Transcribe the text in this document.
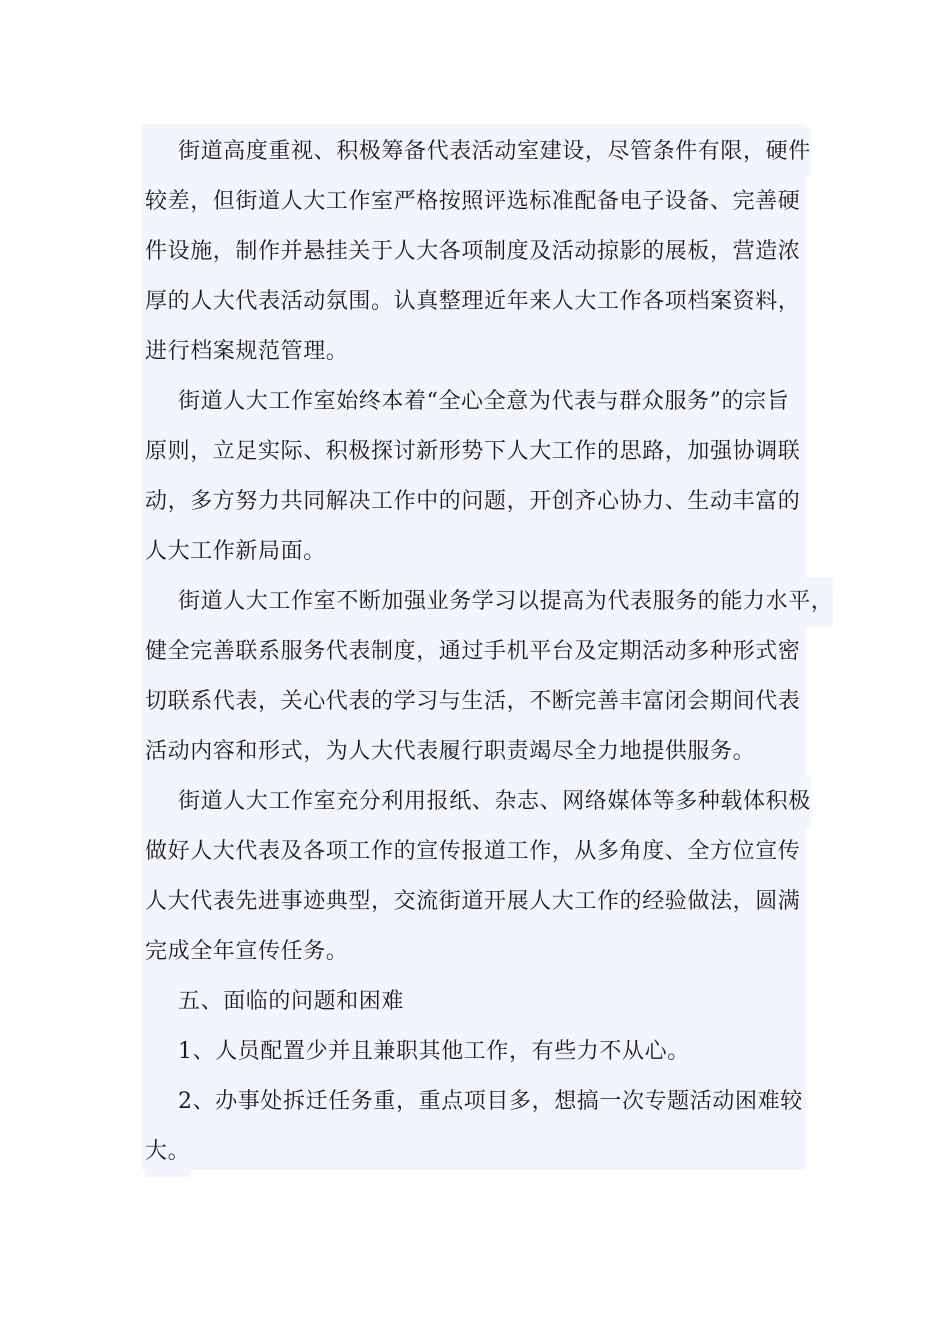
街道高度重视、积极筹备代表活动室建设，尽管条件有限，硬件
较差，但街道人大工作室严格按照评选标准配备电子设备、完善硬
件设施，制作并悬挂关于人大各项制度及活动掠影的展板，营造浓
厚的人大代表活动氛围。认真整理近年来人大工作各项档案资料，
进行档案规范管理。
街道人大工作室始终本着“全心全意为代表与群众服务”的宗旨
原则，立足实际、积极探讨新形势下人大工作的思路，加强协调联
动，多方努力共同解决工作中的问题，开创齐心协力、生动丰富的
人大工作新局面。
街道人大工作室不断加强业务学习以提高为代表服务的能力水平，
健全完善联系服务代表制度，通过手机平台及定期活动多种形式密
切联系代表，关心代表的学习与生活，不断完善丰富闭会期间代表
活动内容和形式，为人大代表履行职责竭尽全力地提供服务。
街道人大工作室充分利用报纸、杂志、网络媒体等多种载体积极
做好人大代表及各项工作的宣传报道工作，从多角度、全方位宣传
人大代表先进事迹典型，交流街道开展人大工作的经验做法，圆满
完成全年宣传任务。
五、面临的问题和困难
1、人员配置少并且兼职其他工作，有些力不从心。
2、办事处拆迁任务重，重点项目多，想搞一次专题活动困难较
大。
